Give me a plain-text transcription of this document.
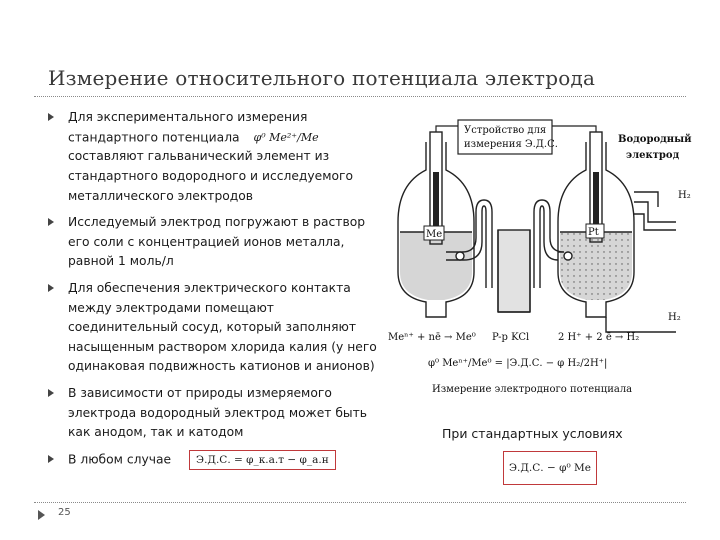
Измерение относительного потенциала электрода
Для экспериментального измерения стандартного потенциала φ⁰ Me²⁺/Me составляют гальванический элемент из стандартного водородного и исследуемого металлического электродов
Исследуемый электрод погружают в раствор его соли с концентрацией ионов металла, равной 1 моль/л
Для обеспечения электрического контакта между электродами помещают соединительный сосуд, который заполняют насыщенным раствором хлорида калия (у него одинаковая подвижность катионов и анионов)
В зависимости от природы измеряемого электрода водородный электрод может быть как анодом, так и катодом
В любом случае Э.Д.С. = φ_к.а.т − φ_а.н
Me	Pt
Устройство для
измерения Э.Д.С.	Водородный
электрод
H₂
H₂
Meⁿ⁺ + nē → Me⁰ P-p KCl	2 H⁺ + 2 ē → H₂
φ⁰ Meⁿ⁺/Me⁰ = |Э.Д.С. − φ H₂/2H⁺|
Измерение электродного потенциала
При стандартных условиях
Э.Д.С. − φ⁰ Me
25
